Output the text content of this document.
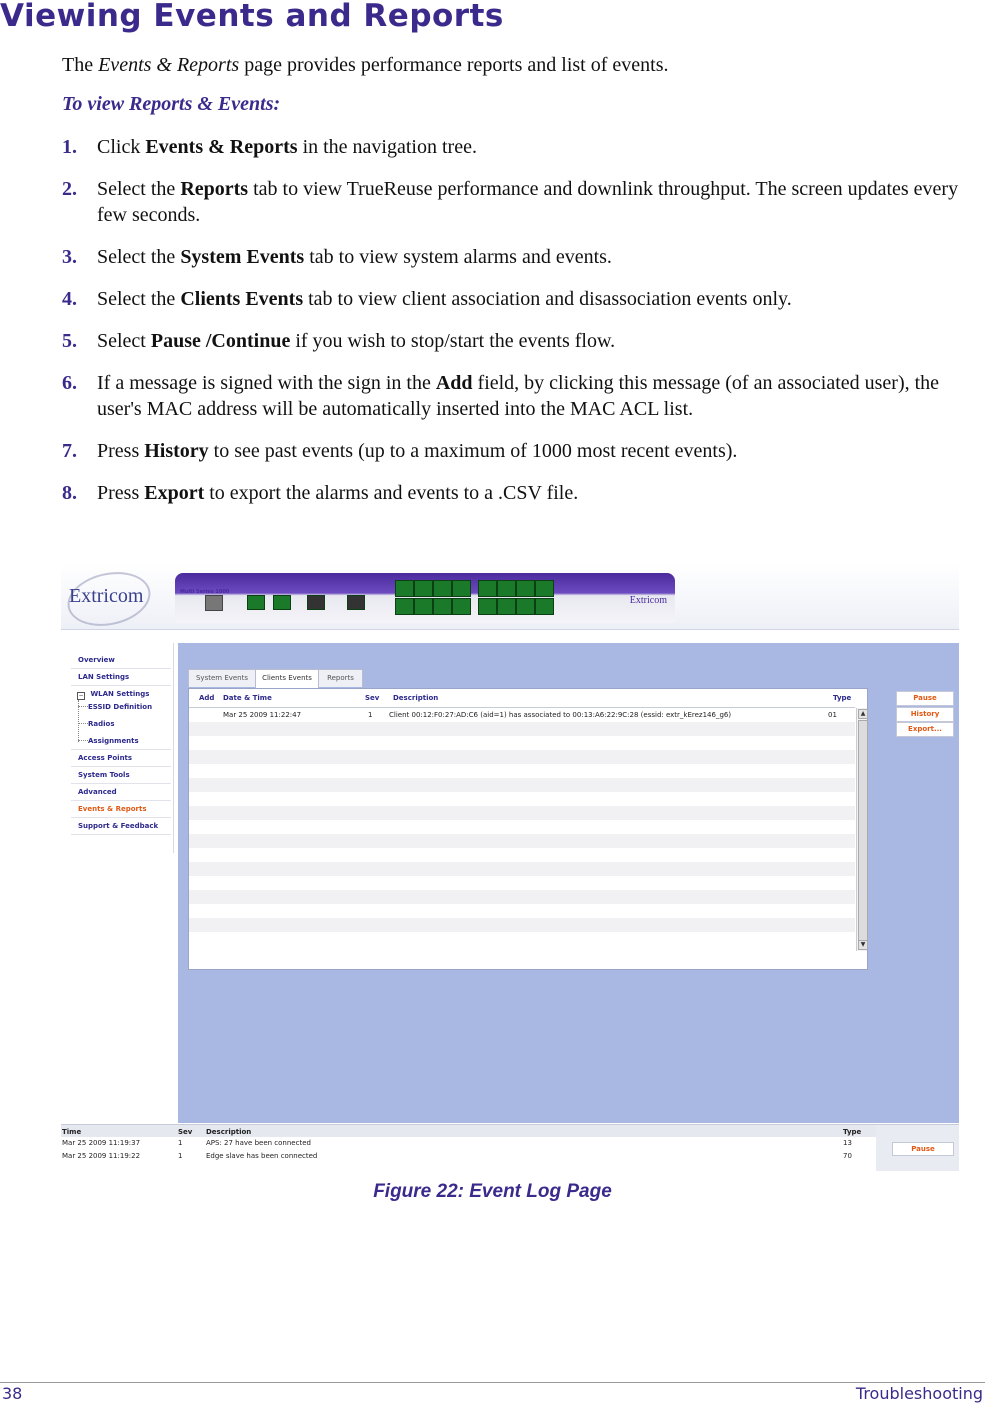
Viewing Events and Reports

The Events & Reports page provides performance reports and list of events.

To view Reports & Events:
1. Click Events & Reports in the navigation tree.
2. Select the Reports tab to view TrueReuse performance and downlink throughput. The screen updates every few seconds.
3. Select the System Events tab to view system alarms and events.
4. Select the Clients Events tab to view client association and disassociation events only.
5. Select Pause /Continue if you wish to stop/start the events flow.
6. If a message is signed with the sign in the Add field, by clicking this message (of an associated user), the user's MAC address will be automatically inserted into the MAC ACL list.
7. Press History to see past events (up to a maximum of 1000 most recent events).
8. Press Export to export the alarms and events to a .CSV file.
Extricom	Multi Series 1000
Extricom
Overview
LAN Settings
− WLAN Settings
ESSID Definition
Radios
Assignments
Access Points
System Tools
Advanced
Events & Reports
Support & Feedback
System Events	Clients Events	Reports
Add Date & Time	Sev Description	Type
Mar 25 2009 11:22:47	1 Client 00:12:F0:27:AD:C6 (aid=1) has associated to 00:13:A6:22:9C:28 (essid: extr_kErez146_g6)	01	▲
▼
Pause
History
Export...
Time	Sev Description	Type
Mar 25 2009 11:19:37	1	APS: 27 have been connected	13
Mar 25 2009 11:19:22	1	Edge slave has been connected	70
Pause
Figure 22: Event Log Page
38	Troubleshooting
